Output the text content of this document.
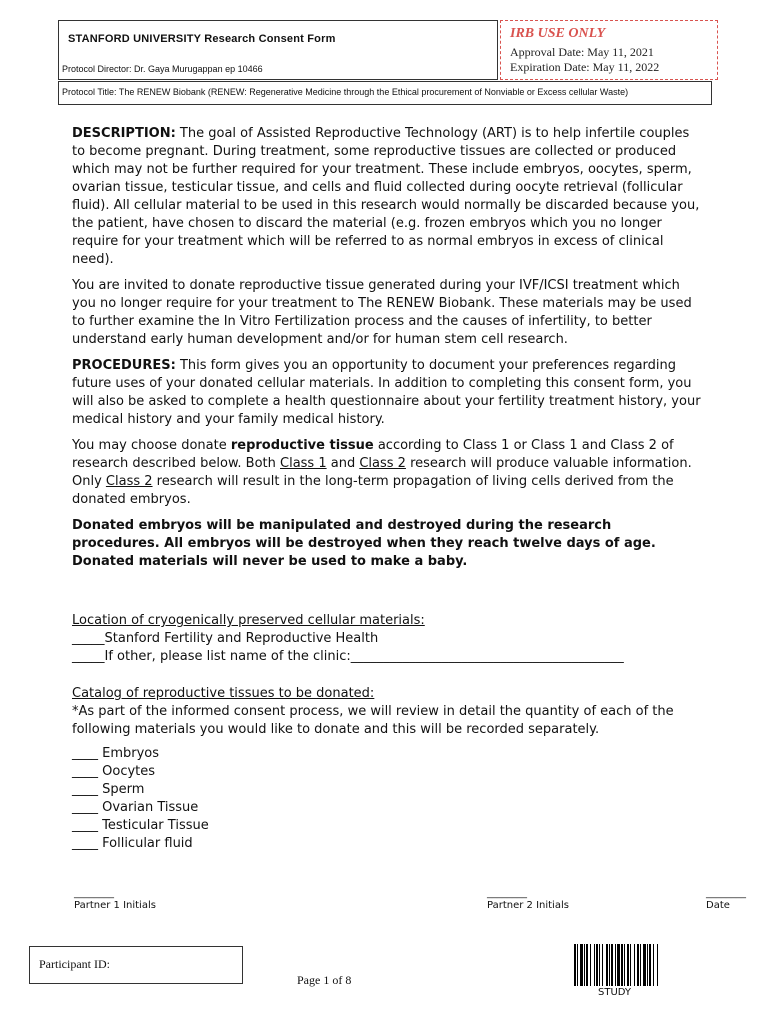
STANFORD UNIVERSITY Research Consent Form
Protocol Director: Dr. Gaya Murugappan ep 10466
IRB USE ONLY
Approval Date: May 11, 2021
Expiration Date: May 11, 2022
Protocol Title: The RENEW Biobank (RENEW: Regenerative Medicine through the Ethical procurement of Nonviable or Excess cellular Waste)

DESCRIPTION: The goal of Assisted Reproductive Technology (ART) is to help infertile couples to become pregnant. During treatment, some reproductive tissues are collected or produced which may not be further required for your treatment. These include embryos, oocytes, sperm, ovarian tissue, testicular tissue, and cells and fluid collected during oocyte retrieval (follicular fluid). All cellular material to be used in this research would normally be discarded because you, the patient, have chosen to discard the material (e.g. frozen embryos which you no longer require for your treatment which will be referred to as normal embryos in excess of clinical need).

You are invited to donate reproductive tissue generated during your IVF/ICSI treatment which you no longer require for your treatment to The RENEW Biobank. These materials may be used to further examine the In Vitro Fertilization process and the causes of infertility, to better understand early human development and/or for human stem cell research.

PROCEDURES: This form gives you an opportunity to document your preferences regarding future uses of your donated cellular materials. In addition to completing this consent form, you will also be asked to complete a health questionnaire about your fertility treatment history, your medical history and your family medical history.

You may choose donate reproductive tissue according to Class 1 or Class 1 and Class 2 of research described below. Both Class 1 and Class 2 research will produce valuable information. Only Class 2 research will result in the long-term propagation of living cells derived from the donated embryos.

Donated embryos will be manipulated and destroyed during the research procedures. All embryos will be destroyed when they reach twelve days of age. Donated materials will never be used to make a baby.
Location of cryogenically preserved cellular materials:
_____Stanford Fertility and Reproductive Health
_____If other, please list name of the clinic:__________________________________________
Catalog of reproductive tissues to be donated:
*As part of the informed consent process, we will review in detail the quantity of each of the following materials you would like to donate and this will be recorded separately.
____ Embryos
____ Oocytes
____ Sperm
____ Ovarian Tissue
____ Testicular Tissue
____ Follicular fluid
________
Partner 1 Initials
________
Partner 2 Initials
________
Date
Participant ID:
Page 1 of 8
STUDY
